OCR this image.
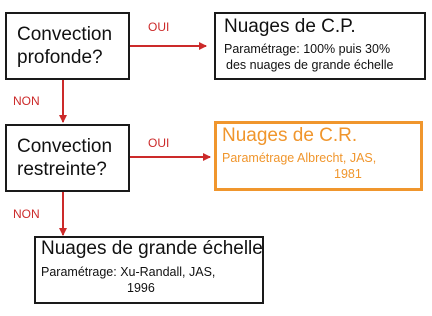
Convection
profonde?
Nuages de C.P.
Paramétrage: 100% puis 30%
des nuages de grande échelle
Convection
restreinte?
Nuages de C.R.
Paramétrage Albrecht, JAS,
1981
Nuages de grande échelle
Paramétrage: Xu-Randall, JAS,
1996
OUI
NON
OUI
NON
